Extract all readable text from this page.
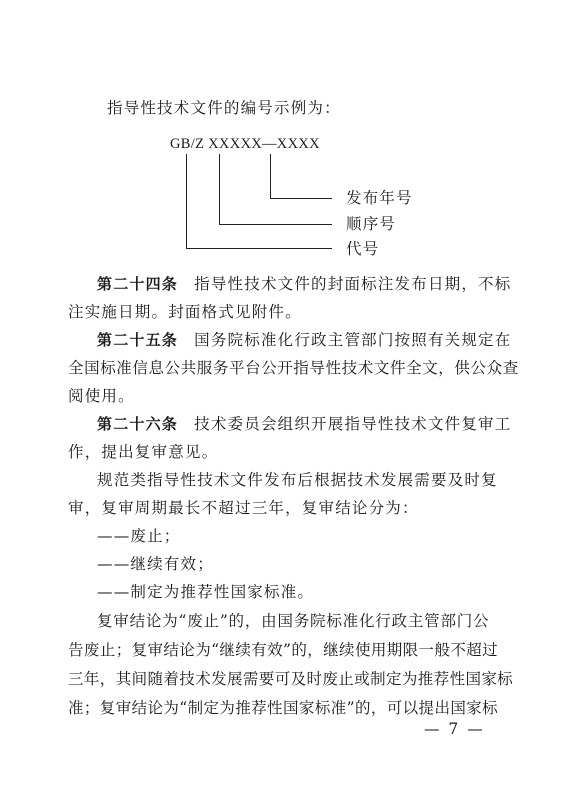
指导性技术文件的编号示例为：
GB/Z XXXXX—XXXX
发布年号
顺序号
代号
第二十四条 指导性技术文件的封面标注发布日期，不标
注实施日期。封面格式见附件。
第二十五条 国务院标准化行政主管部门按照有关规定在
全国标准信息公共服务平台公开指导性技术文件全文，供公众查
阅使用。
第二十六条 技术委员会组织开展指导性技术文件复审工
作，提出复审意见。
规范类指导性技术文件发布后根据技术发展需要及时复
审，复审周期最长不超过三年，复审结论分为：
——废止；
——继续有效；
——制定为推荐性国家标准。
复审结论为“废止”的，由国务院标准化行政主管部门公
告废止；复审结论为“继续有效”的，继续使用期限一般不超过
三年，其间随着技术发展需要可及时废止或制定为推荐性国家标
准；复审结论为“制定为推荐性国家标准”的，可以提出国家标
— 7 —
